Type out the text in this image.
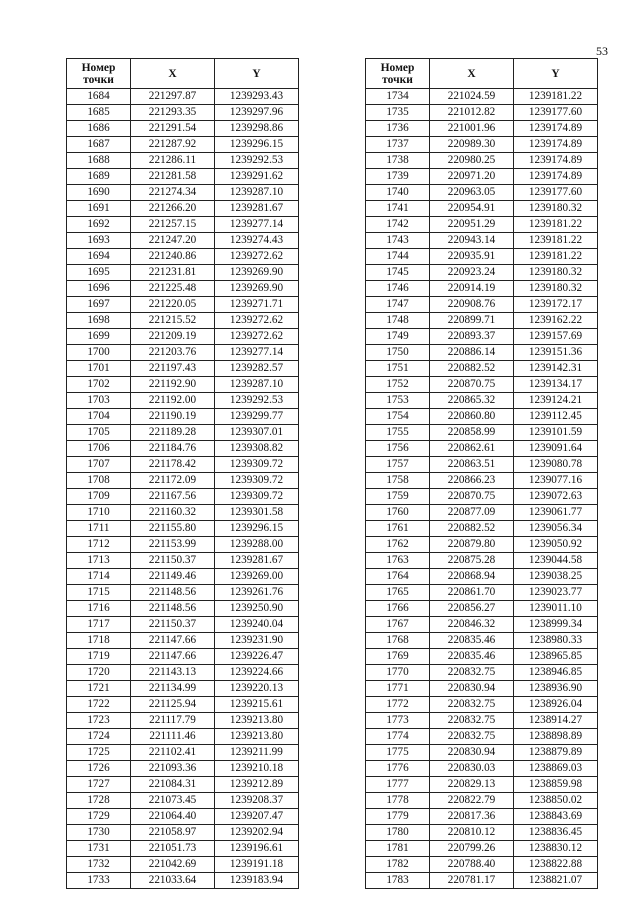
53
Номер точки	X	Y
1684	221297.87	1239293.43
1685	221293.35	1239297.96
1686	221291.54	1239298.86
1687	221287.92	1239296.15
1688	221286.11	1239292.53
1689	221281.58	1239291.62
1690	221274.34	1239287.10
1691	221266.20	1239281.67
1692	221257.15	1239277.14
1693	221247.20	1239274.43
1694	221240.86	1239272.62
1695	221231.81	1239269.90
1696	221225.48	1239269.90
1697	221220.05	1239271.71
1698	221215.52	1239272.62
1699	221209.19	1239272.62
1700	221203.76	1239277.14
1701	221197.43	1239282.57
1702	221192.90	1239287.10
1703	221192.00	1239292.53
1704	221190.19	1239299.77
1705	221189.28	1239307.01
1706	221184.76	1239308.82
1707	221178.42	1239309.72
1708	221172.09	1239309.72
1709	221167.56	1239309.72
1710	221160.32	1239301.58
1711	221155.80	1239296.15
1712	221153.99	1239288.00
1713	221150.37	1239281.67
1714	221149.46	1239269.00
1715	221148.56	1239261.76
1716	221148.56	1239250.90
1717	221150.37	1239240.04
1718	221147.66	1239231.90
1719	221147.66	1239226.47
1720	221143.13	1239224.66
1721	221134.99	1239220.13
1722	221125.94	1239215.61
1723	221117.79	1239213.80
1724	221111.46	1239213.80
1725	221102.41	1239211.99
1726	221093.36	1239210.18
1727	221084.31	1239212.89
1728	221073.45	1239208.37
1729	221064.40	1239207.47
1730	221058.97	1239202.94
1731	221051.73	1239196.61
1732	221042.69	1239191.18
1733	221033.64	1239183.94
Номер точки	X	Y
1734	221024.59	1239181.22
1735	221012.82	1239177.60
1736	221001.96	1239174.89
1737	220989.30	1239174.89
1738	220980.25	1239174.89
1739	220971.20	1239174.89
1740	220963.05	1239177.60
1741	220954.91	1239180.32
1742	220951.29	1239181.22
1743	220943.14	1239181.22
1744	220935.91	1239181.22
1745	220923.24	1239180.32
1746	220914.19	1239180.32
1747	220908.76	1239172.17
1748	220899.71	1239162.22
1749	220893.37	1239157.69
1750	220886.14	1239151.36
1751	220882.52	1239142.31
1752	220870.75	1239134.17
1753	220865.32	1239124.21
1754	220860.80	1239112.45
1755	220858.99	1239101.59
1756	220862.61	1239091.64
1757	220863.51	1239080.78
1758	220866.23	1239077.16
1759	220870.75	1239072.63
1760	220877.09	1239061.77
1761	220882.52	1239056.34
1762	220879.80	1239050.92
1763	220875.28	1239044.58
1764	220868.94	1239038.25
1765	220861.70	1239023.77
1766	220856.27	1239011.10
1767	220846.32	1238999.34
1768	220835.46	1238980.33
1769	220835.46	1238965.85
1770	220832.75	1238946.85
1771	220830.94	1238936.90
1772	220832.75	1238926.04
1773	220832.75	1238914.27
1774	220832.75	1238898.89
1775	220830.94	1238879.89
1776	220830.03	1238869.03
1777	220829.13	1238859.98
1778	220822.79	1238850.02
1779	220817.36	1238843.69
1780	220810.12	1238836.45
1781	220799.26	1238830.12
1782	220788.40	1238822.88
1783	220781.17	1238821.07
